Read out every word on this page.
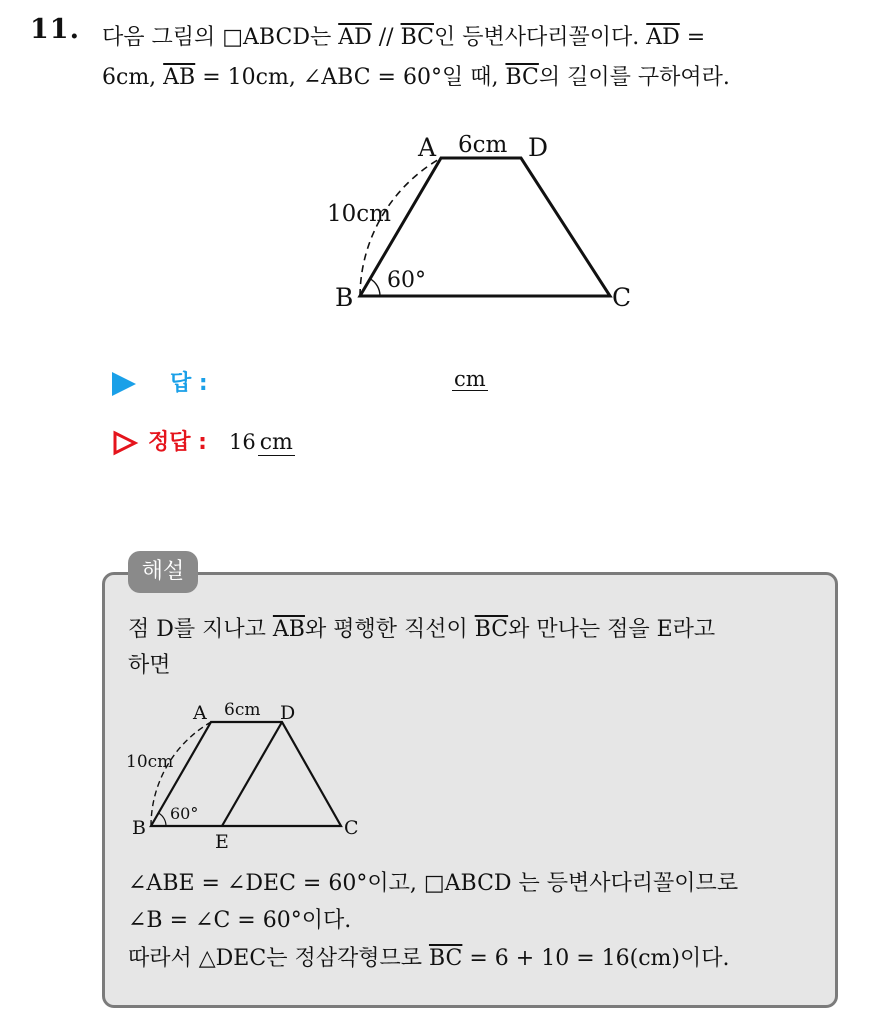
11. 다음 그림의 □ABCD는 $\overline{AD} // \overline{BC}$인 등변사다리꼴이다. $\overline{AD}$ =
6cm, $\overline{AB} = 10cm$, ∠ABC = 60°일 때, $\overline{BC}$의 길이를 구하여라.
A
B	C
D
6cm
10cm
60°
답 :	cm
정답 : 16 cm
해설
점 D를 지나고 $\overline{AB}$와 평행한 직선이 $\overline{BC}$와 만나는 점을 E라고
하면
A
B	C
D
E
6cm
10cm
60°
∠ABE = ∠DEC = 60°이고, □ABCD 는 등변사다리꼴이므로
∠B = ∠C = 60°이다.
따라서 △DEC는 정삼각형므로 $\overline{BC} = 6 + 10 = 16(cm)$이다.
